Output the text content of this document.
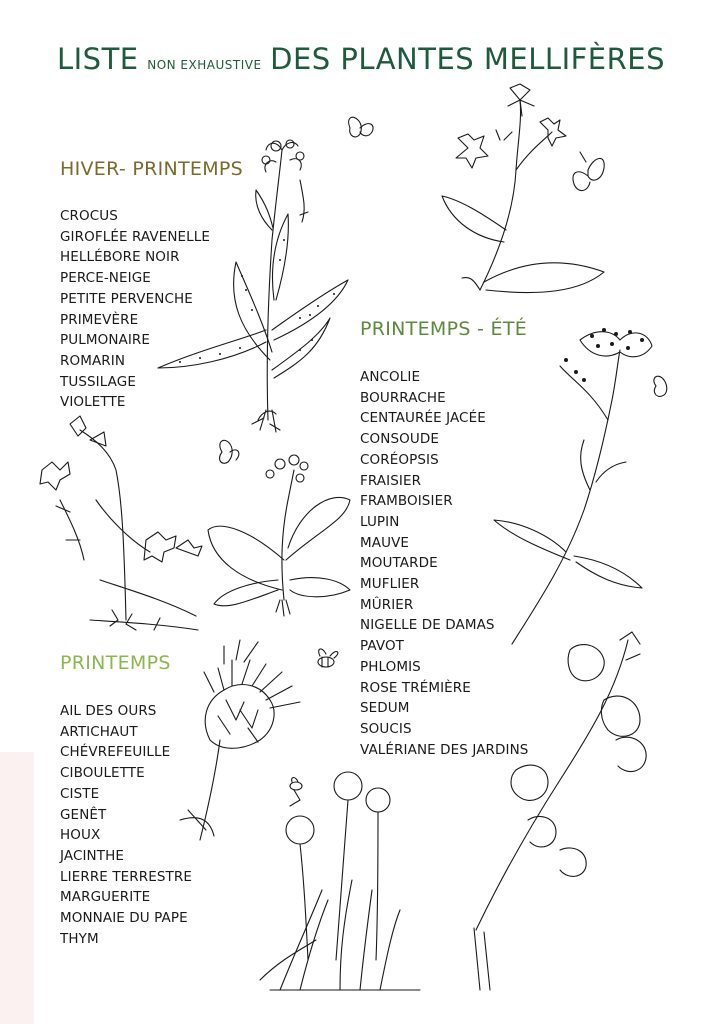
LISTE NON EXHAUSTIVE DES PLANTES MELLIFÈRES
HIVER- PRINTEMPS
CROCUS
GIROFLÉE RAVENELLE
HELLÉBORE NOIR
PERCE-NEIGE
PETITE PERVENCHE
PRIMEVÈRE
PULMONAIRE
ROMARIN
TUSSILAGE
VIOLETTE
PRINTEMPS - ÉTÉ
ANCOLIE
BOURRACHE
CENTAURÉE JACÉE
CONSOUDE
CORÉOPSIS
FRAISIER
FRAMBOISIER
LUPIN
MAUVE
MOUTARDE
MUFLIER
MÛRIER
NIGELLE DE DAMAS
PAVOT
PHLOMIS
ROSE TRÉMIÈRE
SEDUM
SOUCIS
VALÉRIANE DES JARDINS
PRINTEMPS
AIL DES OURS
ARTICHAUT
CHÉVREFEUILLE
CIBOULETTE
CISTE
GENÊT
HOUX
JACINTHE
LIERRE TERRESTRE
MARGUERITE
MONNAIE DU PAPE
THYM
